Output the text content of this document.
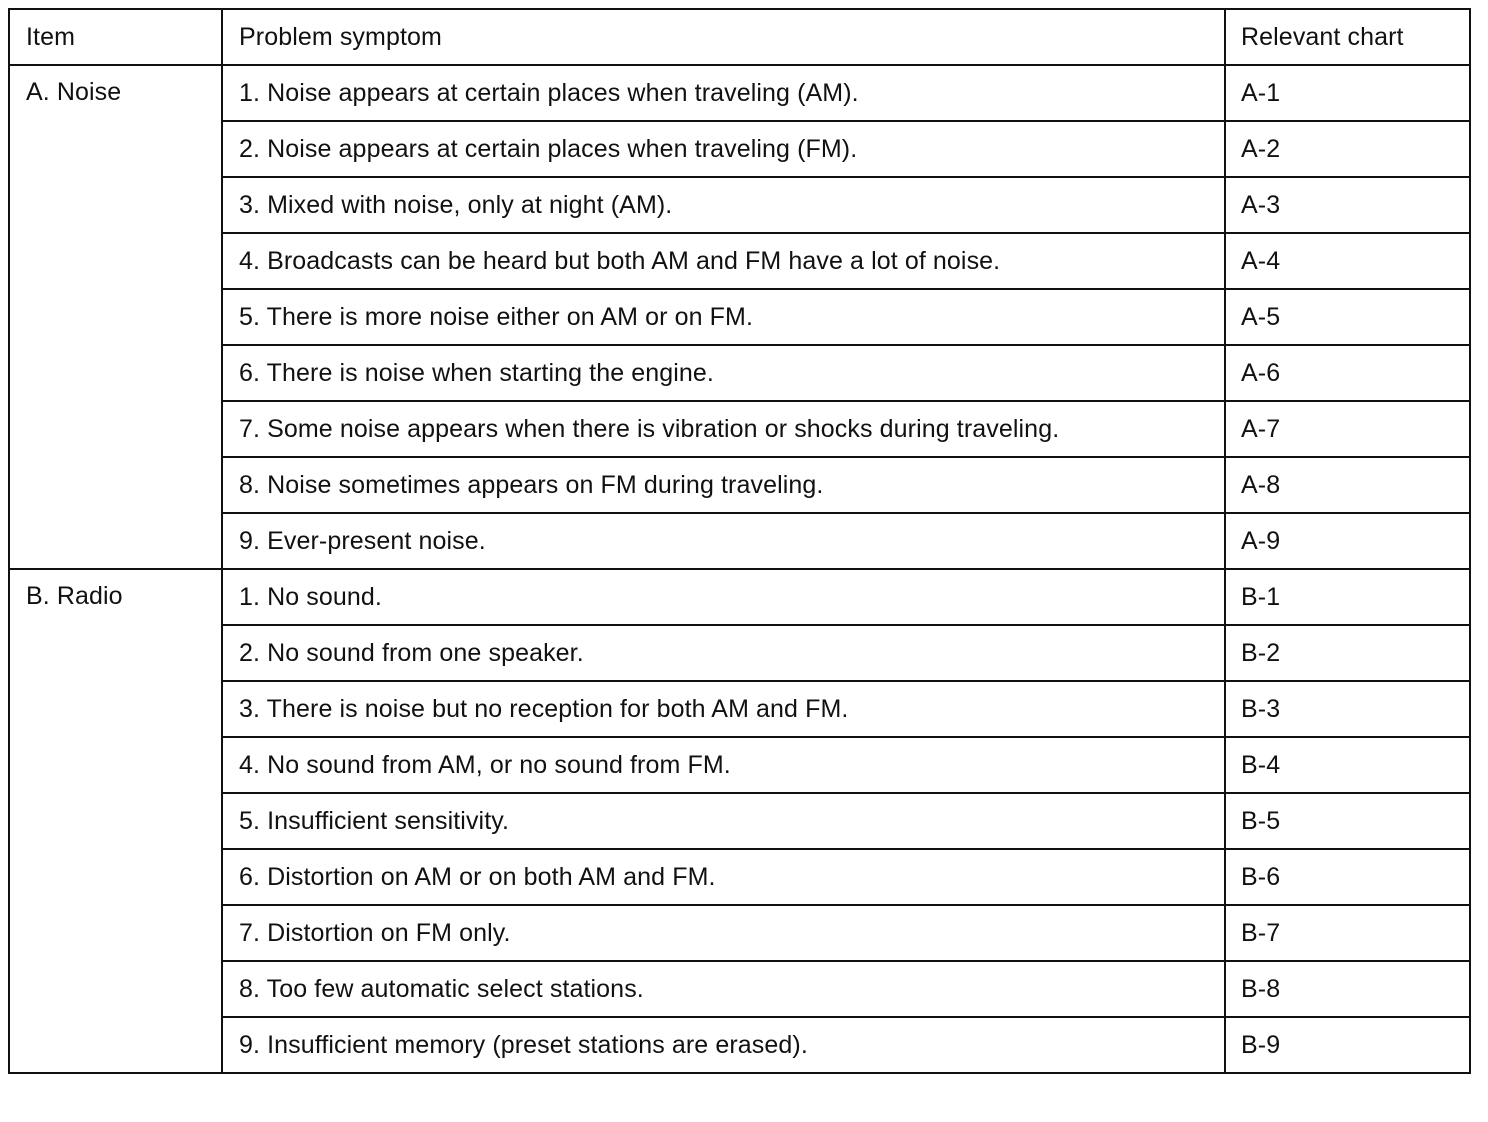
Item	Problem symptom	Relevant chart
A. Noise	1. Noise appears at certain places when traveling (AM).	A-1
	2. Noise appears at certain places when traveling (FM).	A-2
	3. Mixed with noise, only at night (AM).	A-3
	4. Broadcasts can be heard but both AM and FM have a lot of noise.	A-4
	5. There is more noise either on AM or on FM.	A-5
	6. There is noise when starting the engine.	A-6
	7. Some noise appears when there is vibration or shocks during traveling.	A-7
	8. Noise sometimes appears on FM during traveling.	A-8
	9. Ever-present noise.	A-9
B. Radio	1. No sound.	B-1
	2. No sound from one speaker.	B-2
	3. There is noise but no reception for both AM and FM.	B-3
	4. No sound from AM, or no sound from FM.	B-4
	5. Insufficient sensitivity.	B-5
	6. Distortion on AM or on both AM and FM.	B-6
	7. Distortion on FM only.	B-7
	8. Too few automatic select stations.	B-8
	9. Insufficient memory (preset stations are erased).	B-9
